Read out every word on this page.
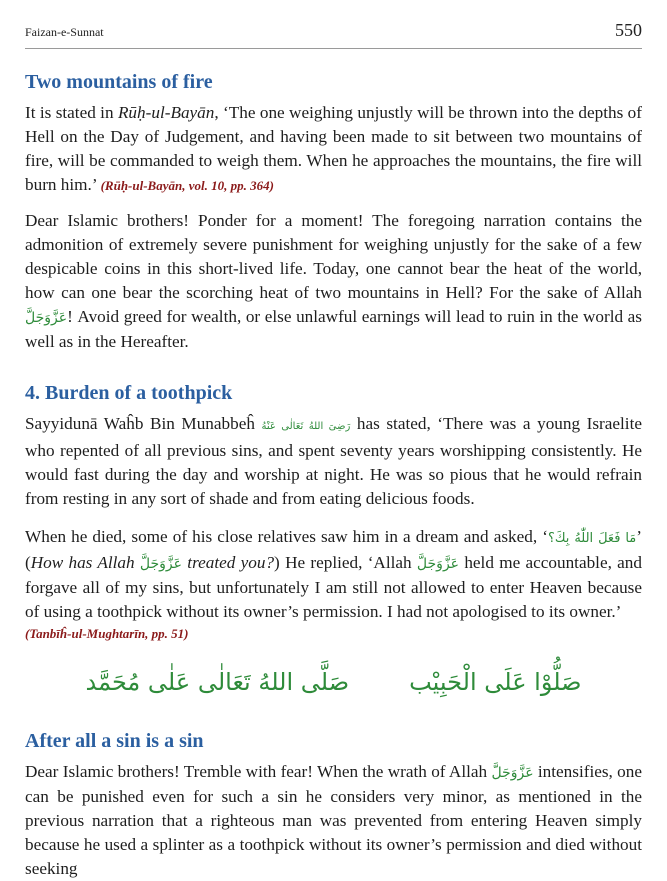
Faizan-e-Sunnat	550
Two mountains of fire

It is stated in Rūḥ-ul-Bayān, ‘The one weighing unjustly will be thrown into the depths of Hell on the Day of Judgement, and having been made to sit between two mountains of fire, will be commanded to weigh them. When he approaches the mountains, the fire will burn him.’ (Rūḥ-ul-Bayān, vol. 10, pp. 364)

Dear Islamic brothers! Ponder for a moment! The foregoing narration contains the admonition of extremely severe punishment for weighing unjustly for the sake of a few despicable coins in this short-lived life. Today, one cannot bear the heat of the world, how can one bear the scorching heat of two mountains in Hell? For the sake of Allah عَزَّوَجَلَّ! Avoid greed for wealth, or else unlawful earnings will lead to ruin in the world as well as in the Hereafter.

4. Burden of a toothpick

Sayyidunā Waĥb Bin Munabbeĥ رَضِیَ اللهُ تَعَالٰی عَنْهُ has stated, ‘There was a young Israelite who repented of all previous sins, and spent seventy years worshipping consistently. He would fast during the day and worship at night. He was so pious that he would refrain from resting in any sort of shade and from eating delicious foods.

When he died, some of his close relatives saw him in a dream and asked, ‘مَا فَعَلَ اللّٰهُ بِكَ؟’ (How has Allah عَزَّوَجَلَّ treated you?) He replied, ‘Allah عَزَّوَجَلَّ held me accountable, and forgave all of my sins, but unfortunately I am still not allowed to enter Heaven because of using a toothpick without its owner’s permission. I had not apologised to its owner.’

(Tanbīĥ-ul-Mughtarīn, pp. 51)

صَلُّوْا عَلَى الْحَبِيْب
صَلَّى اللهُ تَعَالٰى عَلٰى مُحَمَّد
After all a sin is a sin

Dear Islamic brothers! Tremble with fear! When the wrath of Allah عَزَّوَجَلَّ intensifies, one can be punished even for such a sin he considers very minor, as mentioned in the previous narration that a righteous man was prevented from entering Heaven simply because he used a splinter as a toothpick without its owner’s permission and died without seeking
